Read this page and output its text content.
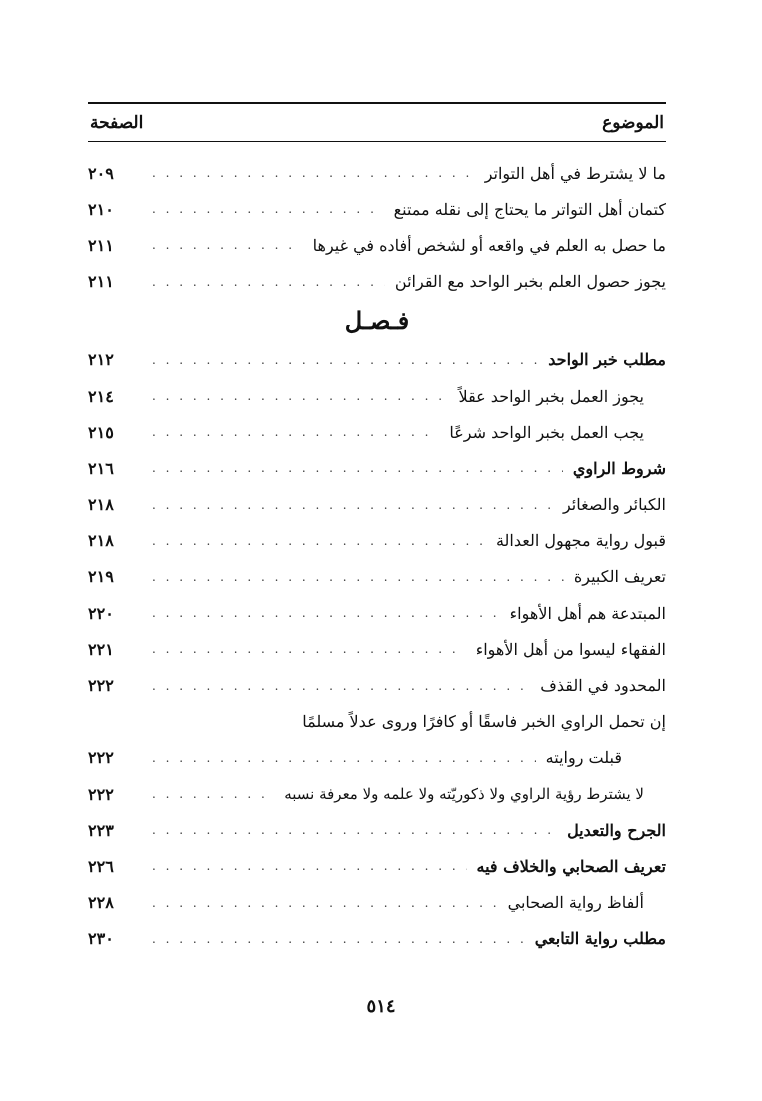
الموضوع
الصفحة
ما لا يشترط في أهل التواتر
. . .
٢٠٩
كتمان أهل التواتر ما يحتاج إلى نقله ممتنع
. . .
٢١٠
ما حصل به العلم في واقعه أو لشخص أفاده في غيرها
. . .
٢١١
يجوز حصول العلم بخبر الواحد مع القرائن
. . .
٢١١
فـصـل
مطلب خبر الواحد
. . .
٢١٢
يجوز العمل بخبر الواحد عقلاً
. . .
٢١٤
يجب العمل بخبر الواحد شرعًا
. . .
٢١٥
شروط الراوي
. . .
٢١٦
الكبائر والصغائر
. . .
٢١٨
قبول رواية مجهول العدالة
. . .
٢١٨
تعريف الكبيرة
. . .
٢١٩
المبتدعة هم أهل الأهواء
. . .
٢٢٠
الفقهاء ليسوا من أهل الأهواء
. . .
٢٢١
المحدود في القذف
. . .
٢٢٢
إن تحمل الراوي الخبر فاسقًا أو كافرًا وروى عدلاً مسلمًا
قبلت روايته
. . .
٢٢٢
لا يشترط رؤية الراوي ولا ذكوريّته ولا علمه ولا معرفة نسبه
. . .
٢٢٢
الجرح والتعديل
. . .
٢٢٣
تعريف الصحابي والخلاف فيه
. . .
٢٢٦
ألفاظ رواية الصحابي
. . .
٢٢٨
مطلب رواية التابعي
. . .
٢٣٠
٥١٤
